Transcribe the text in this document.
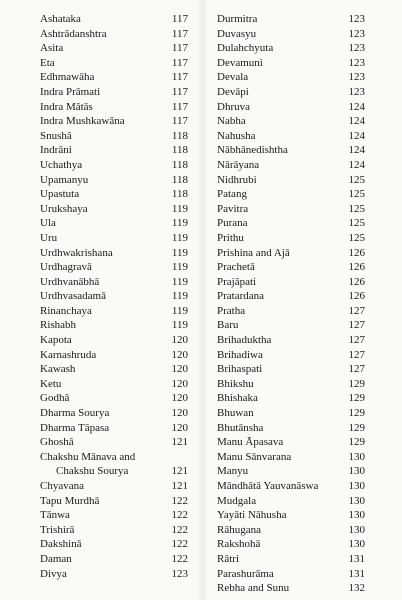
Ashataka	117
Ashtrādanshtra	117
Asita	117
Eta	117
Edhmawāha	117
Indra Prāmati	117
Indra Mātās	117
Indra Mushkawāna	117
Snushā	118
Indrāni	118
Uchathya	118
Upamanyu	118
Upastuta	118
Urukshaya	119
Ula	119
Uru	119
Urdhwakrishana	119
Urdhagravā	119
Urdhvanābhā	119
Urdhvasadamā	119
Rinanchaya	119
Rishabh	119
Kapota	120
Karnashruda	120
Kawash	120
Ketu	120
Godhā	120
Dharma Sourya	120
Dharma Tāpasa	120
Ghoshā	121
Chakshu Mānava and
Chakshu Sourya	121
Chyavana	121
Tapu Murdhā	122
Tānwa	122
Trishirā	122
Dakshinā	122
Daman	122
Divya	123
Durmitra	123
Duvasyu	123
Dulahchyuta	123
Devamuni	123
Devala	123
Devāpi	123
Dhruva	124
Nabha	124
Nahusha	124
Nābhānedishtha	124
Nārāyana	124
Nidhrubi	125
Patang	125
Pavitra	125
Purana	125
Prithu	125
Prishina and Ajā	126
Prachetā	126
Prajāpati	126
Pratardana	126
Pratha	127
Baru	127
Brihaduktha	127
Brihadiwa	127
Brihaspati	127
Bhikshu	129
Bhishaka	129
Bhuwan	129
Bhutānsha	129
Manu Āpasava	129
Manu Sānvarana	130
Manyu	130
Māndhātā Yauvanāswa	130
Mudgala	130
Yayāti Nāhusha	130
Rāhugana	130
Rakshohā	130
Rātri	131
Parashurāma	131
Rebha and Sunu	132
